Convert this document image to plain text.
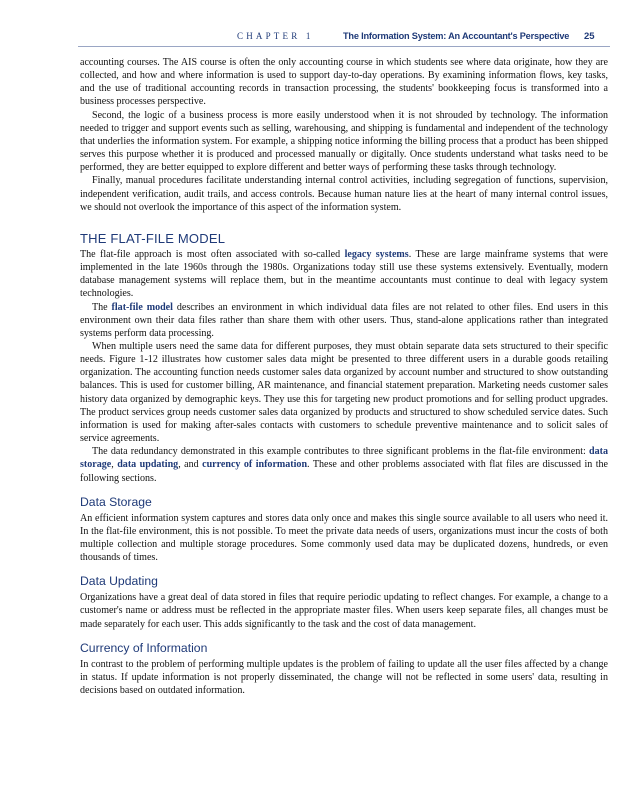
CHAPTER 1	The Information System: An Accountant's Perspective 25

accounting courses. The AIS course is often the only accounting course in which students see where data originate, how they are collected, and how and where information is used to support day-to-day operations. By examining information flows, key tasks, and the use of traditional accounting records in transaction processing, the students' bookkeeping focus is transformed into a business processes perspective.

Second, the logic of a business process is more easily understood when it is not shrouded by technology. The information needed to trigger and support events such as selling, warehousing, and shipping is fundamental and independent of the technology that underlies the information system. For example, a shipping notice informing the billing process that a product has been shipped serves this purpose whether it is produced and processed manually or digitally. Once students understand what tasks need to be performed, they are better equipped to explore different and better ways of performing these tasks through technology.

Finally, manual procedures facilitate understanding internal control activities, including segregation of functions, supervision, independent verification, audit trails, and access controls. Because human nature lies at the heart of many internal control issues, we should not overlook the importance of this aspect of the information system.

THE FLAT-FILE MODEL

The flat-file approach is most often associated with so-called legacy systems. These are large mainframe systems that were implemented in the late 1960s through the 1980s. Organizations today still use these systems extensively. Eventually, modern database management systems will replace them, but in the meantime accountants must continue to deal with legacy system technologies.

The flat-file model describes an environment in which individual data files are not related to other files. End users in this environment own their data files rather than share them with other users. Thus, stand-alone applications rather than integrated systems perform data processing.

When multiple users need the same data for different purposes, they must obtain separate data sets structured to their specific needs. Figure 1-12 illustrates how customer sales data might be presented to three different users in a durable goods retailing organization. The accounting function needs customer sales data organized by account number and structured to show outstanding balances. This is used for customer billing, AR maintenance, and financial statement preparation. Marketing needs customer sales history data organized by demographic keys. They use this for targeting new product promotions and for selling product upgrades. The product services group needs customer sales data organized by products and structured to show scheduled service dates. Such information is used for making after-sales contacts with customers to schedule preventive maintenance and to solicit sales of service agreements.

The data redundancy demonstrated in this example contributes to three significant problems in the flat-file environment: data storage, data updating, and currency of information. These and other problems associated with flat files are discussed in the following sections.

Data Storage

An efficient information system captures and stores data only once and makes this single source available to all users who need it. In the flat-file environment, this is not possible. To meet the private data needs of users, organizations must incur the costs of both multiple collection and multiple storage procedures. Some commonly used data may be duplicated dozens, hundreds, or even thousands of times.

Data Updating

Organizations have a great deal of data stored in files that require periodic updating to reflect changes. For example, a change to a customer's name or address must be reflected in the appropriate master files. When users keep separate files, all changes must be made separately for each user. This adds significantly to the task and the cost of data management.

Currency of Information

In contrast to the problem of performing multiple updates is the problem of failing to update all the user files affected by a change in status. If update information is not properly disseminated, the change will not be reflected in some users' data, resulting in decisions based on outdated information.
